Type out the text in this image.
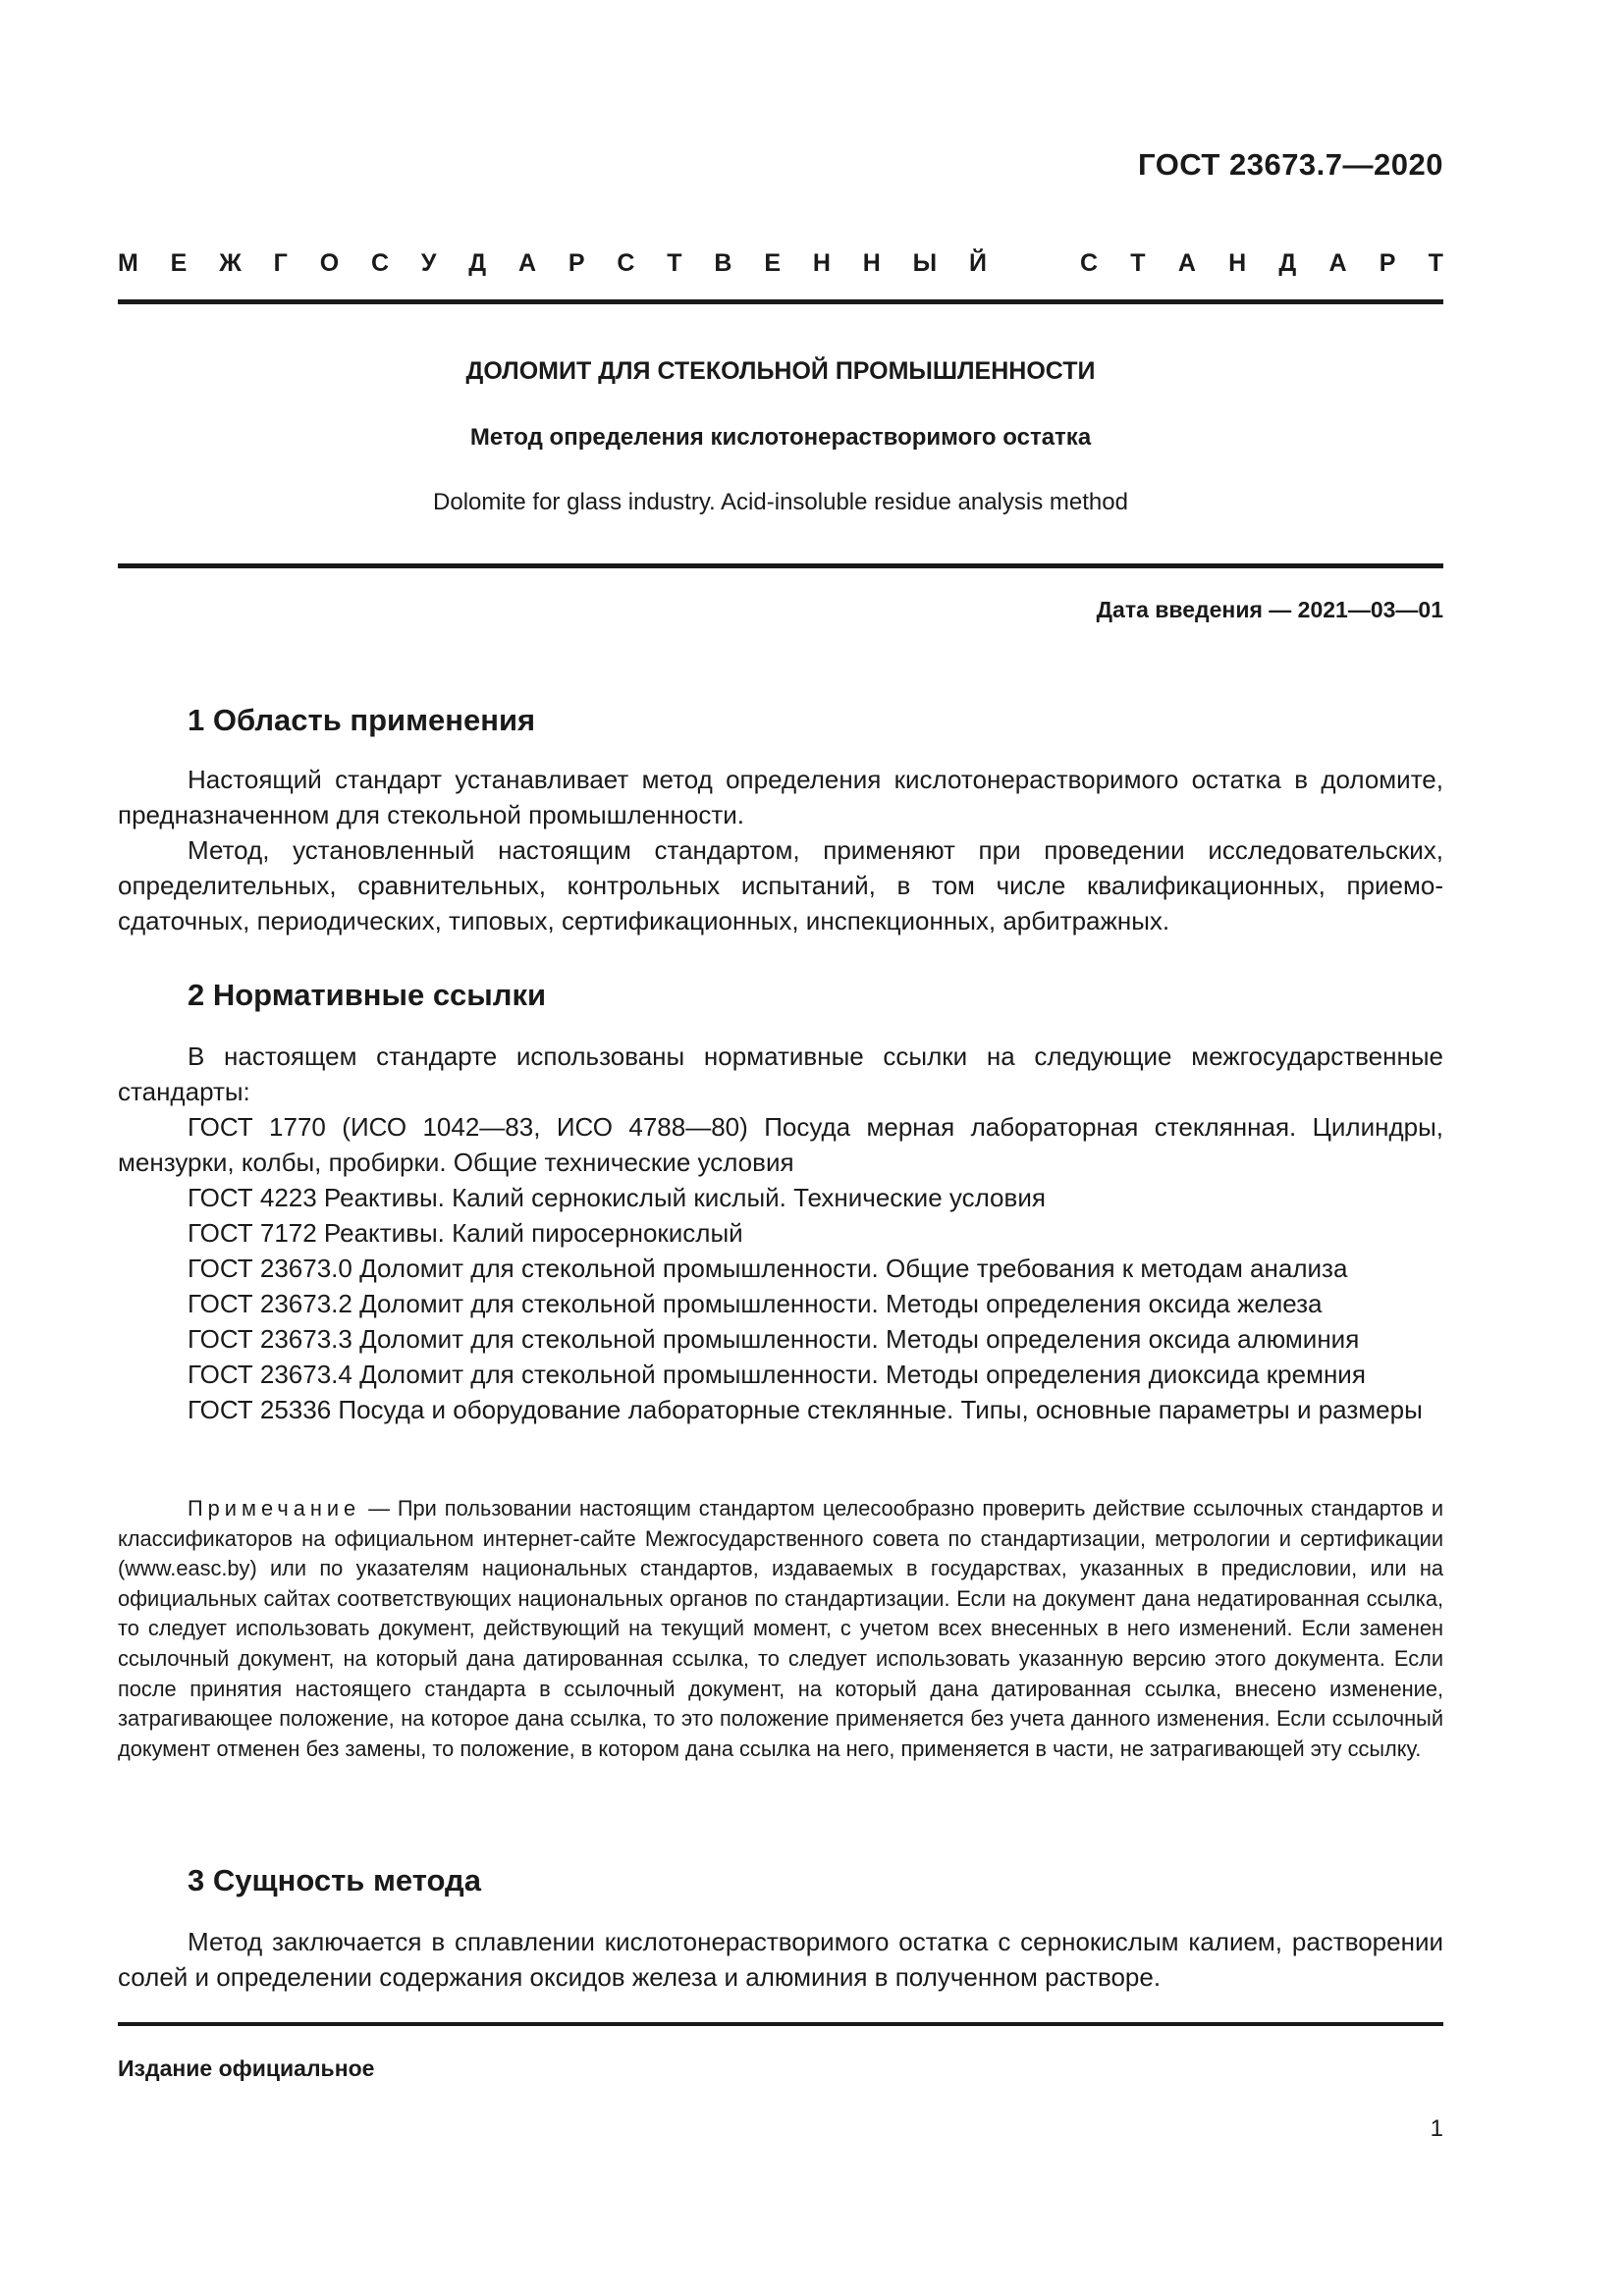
ГОСТ 23673.7—2020
М Е Ж Г О С У Д А Р С Т В Е Н Н Ы Й	С Т А Н Д А Р Т
ДОЛОМИТ ДЛЯ СТЕКОЛЬНОЙ ПРОМЫШЛЕННОСТИ
Метод определения кислотонерастворимого остатка
Dolomite for glass industry. Acid-insoluble residue analysis method
Дата введения — 2021—03—01
1 Область применения

Настоящий стандарт устанавливает метод определения кислотонерастворимого остатка в доломите, предназначенном для стекольной промышленности.

Метод, установленный настоящим стандартом, применяют при проведении исследовательских, определительных, сравнительных, контрольных испытаний, в том числе квалификационных, приемо-сдаточных, периодических, типовых, сертификационных, инспекционных, арбитражных.

2 Нормативные ссылки

В настоящем стандарте использованы нормативные ссылки на следующие межгосударственные стандарты:

ГОСТ 1770 (ИСО 1042—83, ИСО 4788—80) Посуда мерная лабораторная стеклянная. Цилиндры, мензурки, колбы, пробирки. Общие технические условия

ГОСТ 4223 Реактивы. Калий сернокислый кислый. Технические условия

ГОСТ 7172 Реактивы. Калий пиросернокислый

ГОСТ 23673.0 Доломит для стекольной промышленности. Общие требования к методам анализа

ГОСТ 23673.2 Доломит для стекольной промышленности. Методы определения оксида железа

ГОСТ 23673.3 Доломит для стекольной промышленности. Методы определения оксида алюминия

ГОСТ 23673.4 Доломит для стекольной промышленности. Методы определения диоксида кремния

ГОСТ 25336 Посуда и оборудование лабораторные стеклянные. Типы, основные параметры и размеры

Примечание — При пользовании настоящим стандартом целесообразно проверить действие ссылочных стандартов и классификаторов на официальном интернет-сайте Межгосударственного совета по стандартизации, метрологии и сертификации (www.easc.by) или по указателям национальных стандартов, издаваемых в государствах, указанных в предисловии, или на официальных сайтах соответствующих национальных органов по стандартизации. Если на документ дана недатированная ссылка, то следует использовать документ, действующий на текущий момент, с учетом всех внесенных в него изменений. Если заменен ссылочный документ, на который дана датированная ссылка, то следует использовать указанную версию этого документа. Если после принятия настоящего стандарта в ссылочный документ, на который дана датированная ссылка, внесено изменение, затрагивающее положение, на которое дана ссылка, то это положение применяется без учета данного изменения. Если ссылочный документ отменен без замены, то положение, в котором дана ссылка на него, применяется в части, не затрагивающей эту ссылку.
3 Сущность метода

Метод заключается в сплавлении кислотонерастворимого остатка с сернокислым калием, растворении солей и определении содержания оксидов железа и алюминия в полученном растворе.

Издание официальное
1
